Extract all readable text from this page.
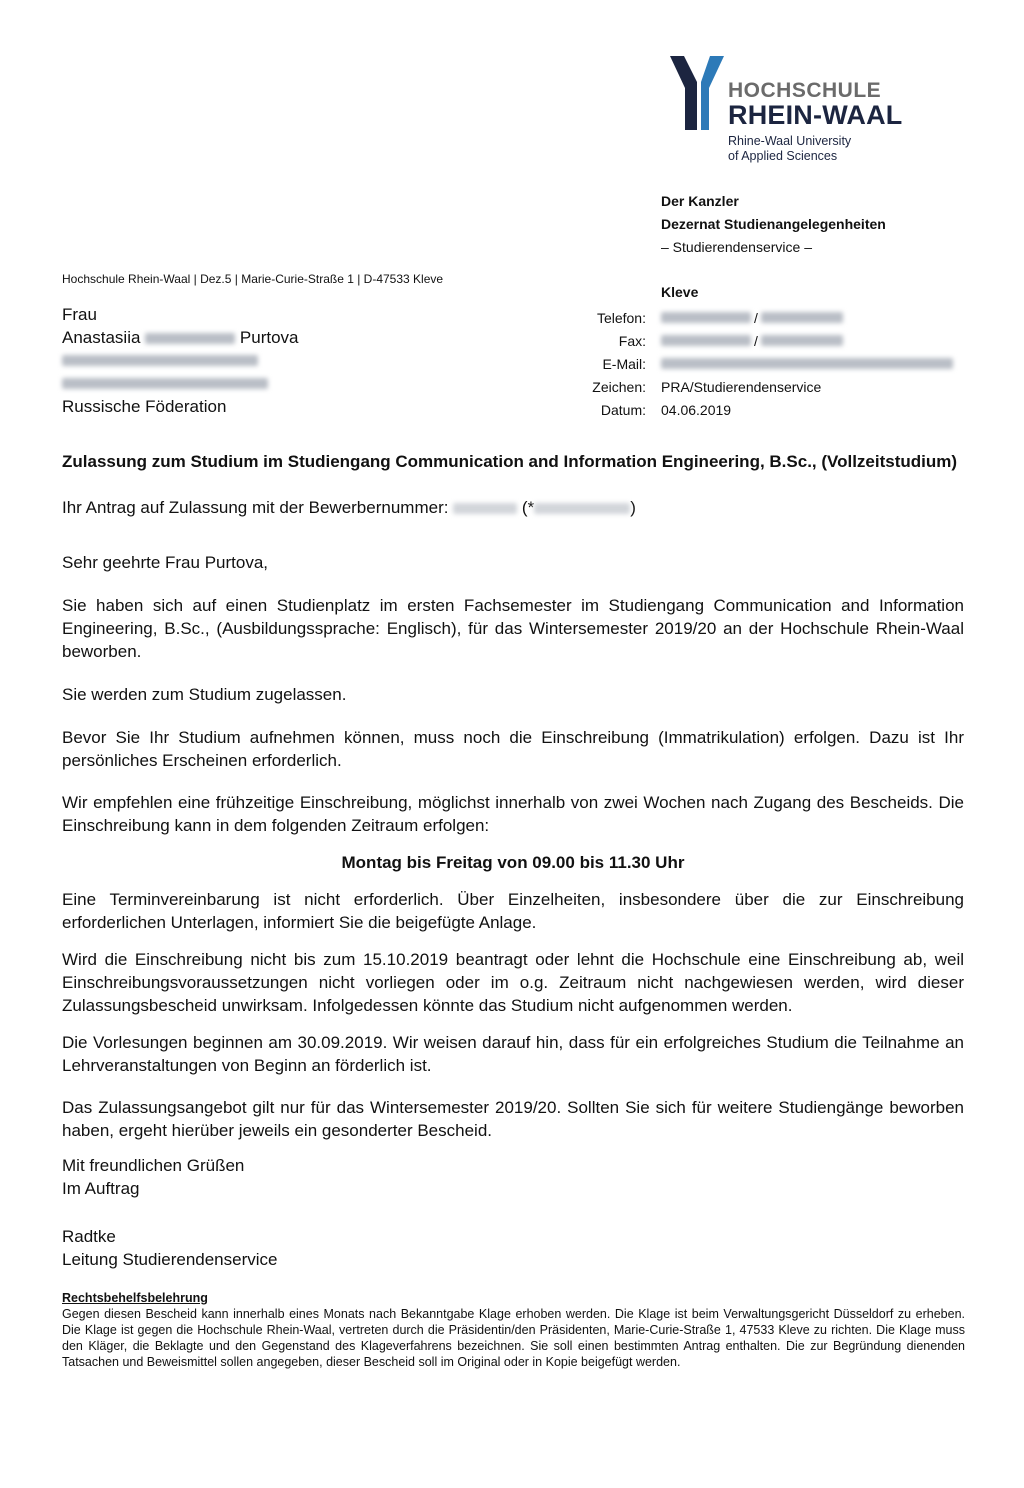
HOCHSCHULE
RHEIN-WAAL
Rhine-Waal University
of Applied Sciences
Der Kanzler
Dezernat Studienangelegenheiten
– Studierendenservice –
Hochschule Rhein-Waal | Dez.5 | Marie-Curie-Straße 1 | D-47533 Kleve
Frau
Anastasiia	Purtova
Russische Föderation
Kleve
Telefon:	/
Fax:	/
E-Mail:
Zeichen:	PRA/Studierendenservice
Datum:	04.06.2019
Zulassung zum Studium im Studiengang Communication and Information Engineering, B.Sc., (Vollzeitstudium)
Ihr Antrag auf Zulassung mit der Bewerbernummer:	(*	)

Sehr geehrte Frau Purtova,

Sie haben sich auf einen Studienplatz im ersten Fachsemester im Studiengang Communication and Information Engineering, B.Sc., (Ausbildungssprache: Englisch), für das Wintersemester 2019/20 an der Hochschule Rhein-Waal beworben.

Sie werden zum Studium zugelassen.

Bevor Sie Ihr Studium aufnehmen können, muss noch die Einschreibung (Immatrikulation) erfolgen. Dazu ist Ihr persönliches Erscheinen erforderlich.

Wir empfehlen eine frühzeitige Einschreibung, möglichst innerhalb von zwei Wochen nach Zugang des Bescheids. Die Einschreibung kann in dem folgenden Zeitraum erfolgen:

Montag bis Freitag von 09.00 bis 11.30 Uhr

Eine Terminvereinbarung ist nicht erforderlich. Über Einzelheiten, insbesondere über die zur Einschreibung erforderlichen Unterlagen, informiert Sie die beigefügte Anlage.

Wird die Einschreibung nicht bis zum 15.10.2019 beantragt oder lehnt die Hochschule eine Einschreibung ab, weil Einschreibungsvoraussetzungen nicht vorliegen oder im o.g. Zeitraum nicht nachgewiesen werden, wird dieser Zulassungsbescheid unwirksam. Infolgedessen könnte das Studium nicht aufgenommen werden.

Die Vorlesungen beginnen am 30.09.2019. Wir weisen darauf hin, dass für ein erfolgreiches Studium die Teilnahme an Lehrveranstaltungen von Beginn an förderlich ist.

Das Zulassungsangebot gilt nur für das Wintersemester 2019/20. Sollten Sie sich für weitere Studiengänge beworben haben, ergeht hierüber jeweils ein gesonderter Bescheid.

Mit freundlichen Grüßen
Im Auftrag
Radtke
Leitung Studierendenservice
Rechtsbehelfsbelehrung

Gegen diesen Bescheid kann innerhalb eines Monats nach Bekanntgabe Klage erhoben werden. Die Klage ist beim Verwaltungsgericht Düsseldorf zu erheben. Die Klage ist gegen die Hochschule Rhein-Waal, vertreten durch die Präsidentin/den Präsidenten, Marie-Curie-Straße 1, 47533 Kleve zu richten. Die Klage muss den Kläger, die Beklagte und den Gegenstand des Klageverfahrens bezeichnen. Sie soll einen bestimmten Antrag enthalten. Die zur Begründung dienenden Tatsachen und Beweismittel sollen angegeben, dieser Bescheid soll im Original oder in Kopie beigefügt werden.
